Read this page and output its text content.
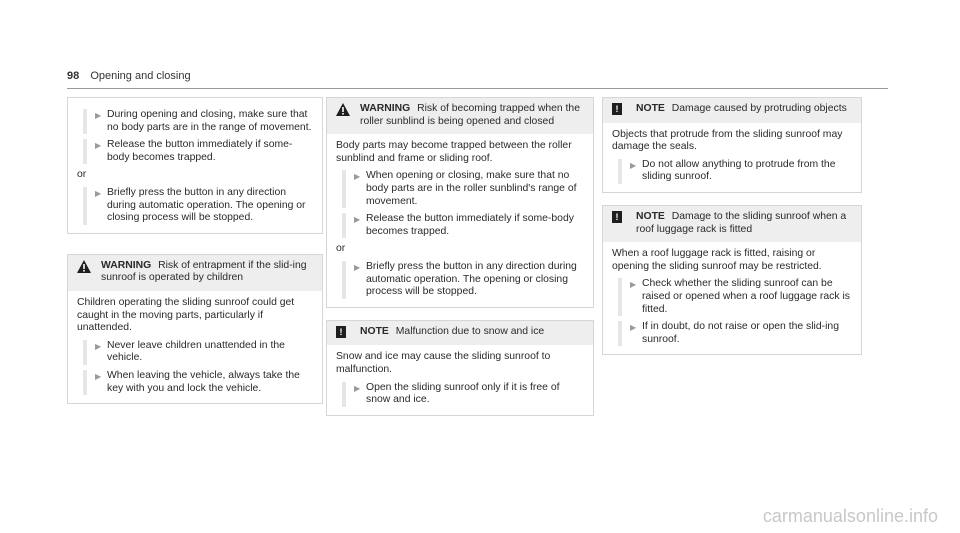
98 Opening and closing
▶ During opening and closing, make sure that no body parts are in the range of movement.
▶ Release the button immediately if some-body becomes trapped.
or
▶ Briefly press the button in any direction during automatic operation. The opening or closing process will be stopped.
WARNING Risk of entrapment if the slid-ing sunroof is operated by children
Children operating the sliding sunroof could get caught in the moving parts, particularly if unattended.
▶ Never leave children unattended in the vehicle.
▶ When leaving the vehicle, always take the key with you and lock the vehicle.
WARNING Risk of becoming trapped when the roller sunblind is being opened and closed
Body parts may become trapped between the roller sunblind and frame or sliding roof.
▶ When opening or closing, make sure that no body parts are in the roller sunblind's range of movement.
▶ Release the button immediately if some-body becomes trapped.
or
▶ Briefly press the button in any direction during automatic operation. The opening or closing process will be stopped.
!	NOTE Malfunction due to snow and ice
Snow and ice may cause the sliding sunroof to malfunction.
▶ Open the sliding sunroof only if it is free of snow and ice.
!	NOTE Damage caused by protruding objects
Objects that protrude from the sliding sunroof may damage the seals.
▶ Do not allow anything to protrude from the sliding sunroof.
!	NOTE Damage to the sliding sunroof when a roof luggage rack is fitted
When a roof luggage rack is fitted, raising or opening the sliding sunroof may be restricted.
▶ Check whether the sliding sunroof can be raised or opened when a roof luggage rack is fitted.
▶ If in doubt, do not raise or open the slid-ing sunroof.
carmanualsonline.info
